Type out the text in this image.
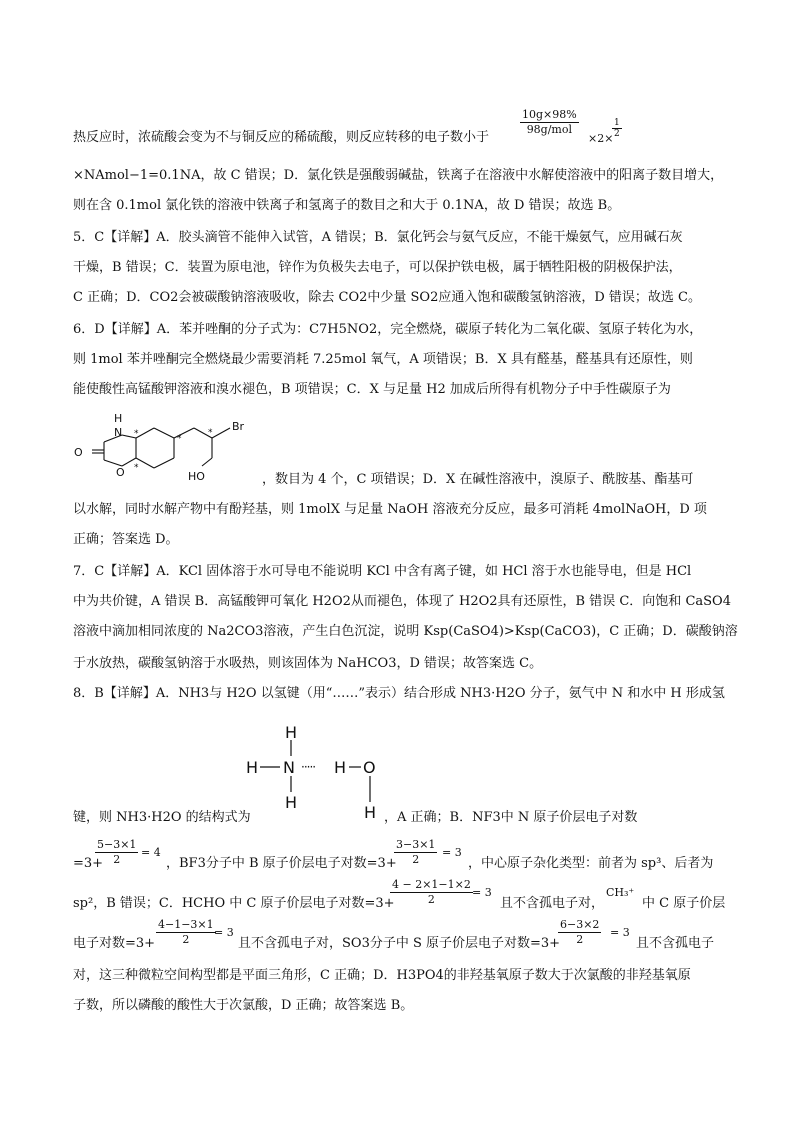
10g×98%
98g/mol
×2×
$\frac{1}{2}$
热反应时，浓硫酸会变为不与铜反应的稀硫酸，则反应转移的电子数小于
×NAmol−1=0.1NA，故 C 错误；D．氯化铁是强酸弱碱盐，铁离子在溶液中水解使溶液中的阳离子数目增大，
则在含 0.1mol 氯化铁的溶液中铁离子和氢离子的数目之和大于 0.1NA，故 D 错误；故选 B。
5．C【详解】A．胶头滴管不能伸入试管，A 错误；B．氯化钙会与氨气反应，不能干燥氨气，应用碱石灰
干燥，B 错误；C．装置为原电池，锌作为负极失去电子，可以保护铁电极，属于牺牲阳极的阴极保护法，
C 正确；D．CO2会被碳酸钠溶液吸收，除去 CO2中少量 SO2应通入饱和碳酸氢钠溶液，D 错误；故选 C。
6．D【详解】A．苯并唑酮的分子式为：C7H5NO2，完全燃烧，碳原子转化为二氧化碳、氢原子转化为水，
则 1mol 苯并唑酮完全燃烧最少需要消耗 7.25mol 氧气，A 项错误；B．X 具有醛基，醛基具有还原性，则
能使酸性高锰酸钾溶液和溴水褪色，B 项错误；C．X 与足量 H2 加成后所得有机物分子中手性碳原子为
H
N
O
O
*
*
*
* Br
HO	，数目为 4 个，C 项错误；D．X 在碱性溶液中，溴原子、酰胺基、酯基可
以水解，同时水解产物中有酚羟基，则 1molX 与足量 NaOH 溶液充分反应，最多可消耗 4molNaOH，D 项
正确；答案选 D。
7．C【详解】A．KCl 固体溶于水可导电不能说明 KCl 中含有离子键，如 HCl 溶于水也能导电，但是 HCl
中为共价键，A 错误 B．高锰酸钾可氧化 H2O2从而褪色，体现了 H2O2具有还原性，B 错误 C．向饱和 CaSO4
溶液中滴加相同浓度的 Na2CO3溶液，产生白色沉淀，说明 Ksp(CaSO4)>Ksp(CaCO3)，C 正确；D．碳酸钠溶
于水放热，碳酸氢钠溶于水吸热，则该固体为 NaHCO3，D 错误；故答案选 C。
8．B【详解】A．NH3与 H2O 以氢键（用“……”表示）结合形成 NH3·H2O 分子，氨气中 N 和水中 H 形成氢
H
H N
H
····· H O
H
键，则 NH3·H2O 的结构式为	，A 正确；B．NF3中 N 原子价层电子对数
=3+
$\frac{5-3\times 1}{2} = 4$
，BF3分子中 B 原子价层电子对数=3+
$\frac{3-3\times 1}{2} = 3$
，中心原子杂化类型：前者为 sp³、后者为
sp²，B 错误；C．HCHO 中 C 原子价层电子对数=3+
$\frac{4 - 2\times 1-1\times 2}{2} = 3$
且不含孤电子对，
CH₃⁺
中 C 原子价层
电子对数$=3+ \frac{4-1-3\times 1}{2}$
= 3
且不含孤电子对，SO3分子中 S 原子价层电子对数=3+
$\frac{6-3\times 2}{2} = 3$
且不含孤电子
对，这三种微粒空间构型都是平面三角形，C 正确；D．H3PO4的非羟基氧原子数大于次氯酸的非羟基氧原
子数，所以磷酸的酸性大于次氯酸，D 正确；故答案选 B。
